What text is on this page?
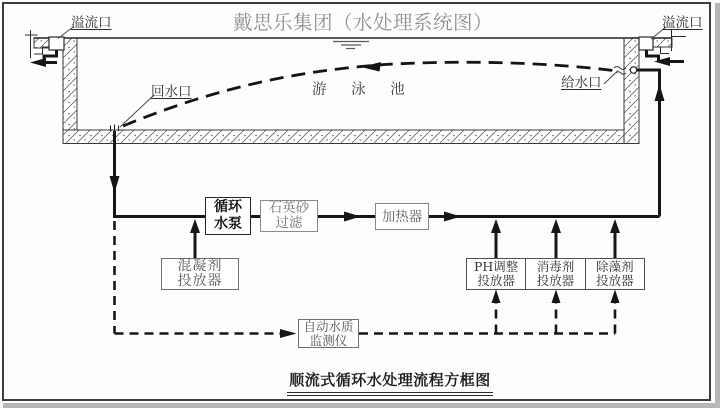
戴思乐集团（水处理系统图）
溢流口	溢流口
回水口
给水口
游 泳 池
循环
水泵
石英砂
过滤	加热器
混凝剂
投放器
PH调整
投放器
消毒剂
投放器
除藻剂
投放器
自动水质
监测仪
顺流式循环水处理流程方框图
